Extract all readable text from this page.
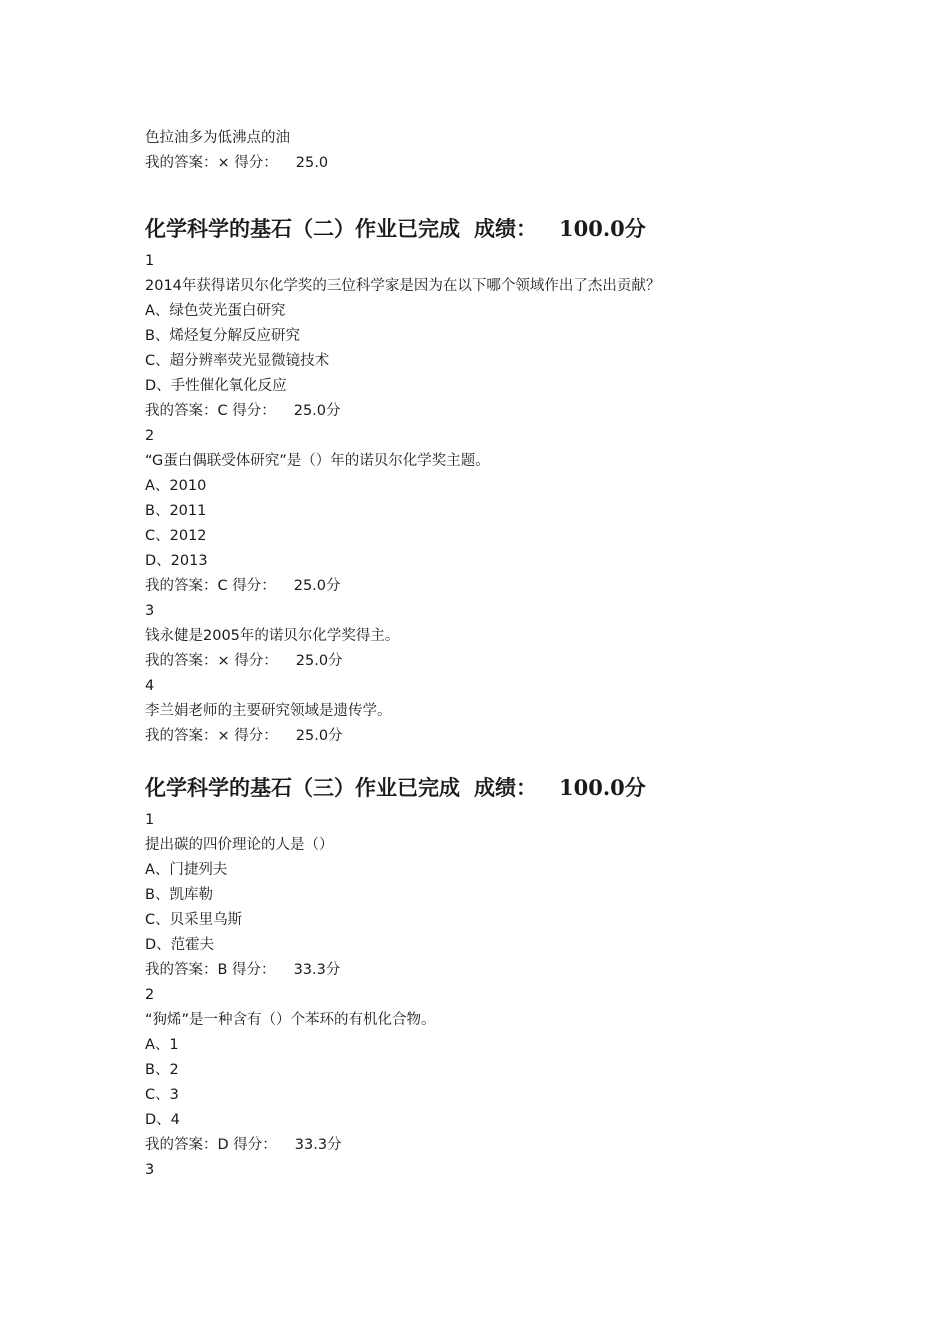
色拉油多为低沸点的油
我的答案：× 得分： 25.0
化学科学的基石（二）作业已完成 成绩： 100.0分
1
2014年获得诺贝尔化学奖的三位科学家是因为在以下哪个领域作出了杰出贡献？
A、绿色荧光蛋白研究
B、烯烃复分解反应研究
C、超分辨率荧光显微镜技术
D、手性催化氧化反应
我的答案：C 得分： 25.0分
2
“G蛋白偶联受体研究”是（）年的诺贝尔化学奖主题。
A、2010
B、2011
C、2012
D、2013
我的答案：C 得分： 25.0分
3
钱永健是2005年的诺贝尔化学奖得主。
我的答案：× 得分： 25.0分
4
李兰娟老师的主要研究领域是遗传学。
我的答案：× 得分： 25.0分
化学科学的基石（三）作业已完成 成绩： 100.0分
1
提出碳的四价理论的人是（）
A、门捷列夫
B、凯库勒
C、贝采里乌斯
D、范霍夫
我的答案：B 得分： 33.3分
2
“狗烯”是一种含有（）个苯环的有机化合物。
A、1
B、2
C、3
D、4
我的答案：D 得分： 33.3分
3
